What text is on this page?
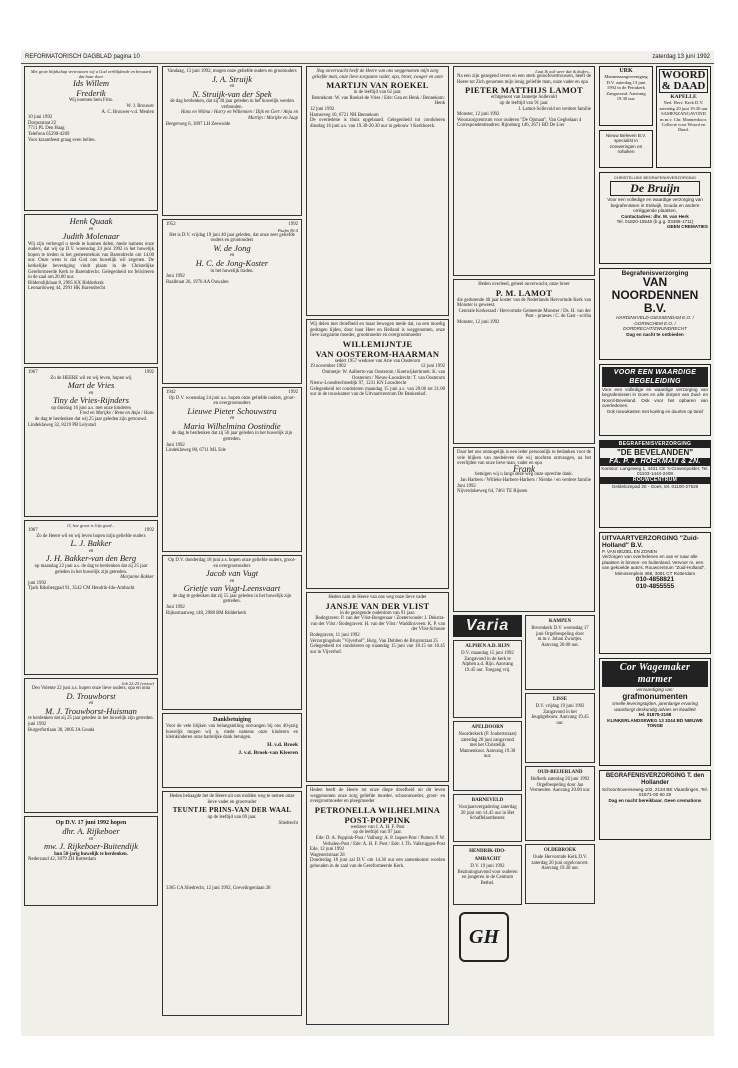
REFORMATORISCH DAGBLAD pagina 10	zaterdag 13 juni 1992
Met grote blijdschap vertrouwen wij u God verblijdende en bewaard dat haar door
Ids Willem
Frederik
Wij noemen hem Frits.
W. J. Brouwer
A. C. Brouwer-v.d. Meulen
10 juni 1992
Dorpsstraat 22
7711 PL Den Haag
Telefoon 05290-4209
Voor kraamfeest graag even bellen.
Henk Quaak
en
Judith Molenaar
Wij zijn verheugd u mede te kunnen delen, mede namens onze ouders, dat wij op D.V. woensdag 24 juni 1992 in het huwelijk hopen te treden in het gemeentehuis van Barendrecht om 14.00 uur. Onze wens is dat God ons huwelijk wil zegenen. De kerkelijke bevestiging vindt plaats in de Christelijke Gereformeerde Kerk te Barendrecht. Gelegenheid tot feliciteren in de zaal om 20.00 uur.
Bildersdijklaan 8, 2985 KX Ridderkerk
Leonardoweg 44, 2991 HK Barendrecht
1967	1992
Zo de HEERE wil en wij leven, hopen wij
Mart de Vries
en
Tiny de Vries-Rijnders
op dinsdag 16 juni a.s. met onze kinderen
Fred en Marijke / Rene en Anja / Hans
de dag te herdenken dat wij 25 jaar geleden zijn getrouwd.
Lindeklaweg 32, 8219 PB Lelystad
O, hoe groot is Gijs goed...
1967	1992
Zo de Heere wil en wij leven hopen mijn geliefde ouders
L. J. Bakker
en
J. H. Bakker-van den Berg
op maandag 22 juni a.s. de dag te herdenken dat zij 25 jaar geleden in het huwelijk zijn getreden.
Marjanne Bakker
juni 1992
Tjark Riksbergpad 91, 3542 CM Hendrik-Ido-Ambacht
Job 22:25 (vrouw)
Deo Volente 22 juni a.s. hopen onze lieve ouders, opa en oma
D. Trouwborst
en
M. J. Trouwborst-Huisman
te herdenken dat zij 25 jaar geleden in het huwelijk zijn getreden.
juni 1992
Burgerfortlaan 38, 2805 JA Gouda
Op D.V. 17 juni 1992 hopen
dhr. A. Rijkeboer
en
mw. J. Rijkeboer-Buitendijk
hun 50-jarig huwelijk te herdenken.
Nederzand 42, 3079 ZH Rotterdam
Vandaag, 13 juni 1992, mogen onze geliefde ouders en grootouders
J. A. Struijk
en
N. Struijk-van der Spek
de dag herdenken, dat zij 30 jaar geleden in het huwelijk werden verbonden.
Hans en Wilma / Harry en Willemien / Dijk en Gert / Anja en Martijn / Marijke en Jaap
Bergerweg 6, 3897 LH Zeewolde
1952	1992
Psalm 90:4
Het is D.V. vrijdag 19 juni 40 jaar geleden, dat onze zeer geliefde ouders en grootouders
W. de Jong
en
H. C. de Jong-Koster
in het huwelijk traden.
Juni 1992
Baalbraat 26, 1976 AA Ouwalen
1942	1992
Op D.V. woensdag 24 juni a.s. hopen onze geliefde ouders, groot- en overgrootouders
Lieuwe Pieter Schouwstra
en
Maria Wilhelmina Oostindie
de dag te herdenken dat zij 50 jaar geleden in het huwelijk zijn getreden.
Juni 1992
Lindeklaweg 80, 6711 ML Ede
Op D.V. donderdag 18 juni a.s. hopen onze geliefde ouders, groot- en overgrootouders
Jacob van Vugt
en
Grietje van Vugt-Leensvaart
de dag te gedenken dat zij 55 jaar geleden in het huwelijk zijn getreden.
Juni 1992
Rijksstraatweg 148, 2988 BM Ridderkerk
Dankbetuiging
Voor de vele blijken van belangstelling ontvangen bij ons 40-jarig huwelijk mogen wij u, mede namens onze kinderen en kleinkinderen onze hartelijke dank betuigen.
H. v.d. Broek
J. v.d. Broek-van Kleeren
Heden behaagde het de Heere uit ons midden weg te nemen onze lieve vader en grootvader
TEUNTJE PRINS-VAN DER WAAL
op de leeftijd van 69 jaar.
Sliedrecht
3365 CA Sliedrecht, 12 juni 1992, Grevelingenlaan 28
Nog onverwacht heeft de Heere van ons weggenomen mijn zorg geliefde man, onze lieve zorgzame vader, opa, broer, zwager en oom
MARTIJN VAN ROEKEL
in de leeftijd van 62 jaar.
Bennekom: W. van Roekel-de Vries / Ede: Gea en Henk / Bennekom: Henk
12 juni 1992
Harnseveg 10, 6721 NH Bennekom
De overledene is thuis opgebaard. Gelegenheid tot condoleren dinsdag 16 juni a.s. van 19.30-20.30 uur in gebouw 't Kerkhoeck.
Wij delen met droefheid en maar bewogen mede dat, na een moedig gedragen lijden, door haar Heer en Heiland is weggenomen, onze lieve zorgzame moeder, grootmoeder en overgrootmoeder
WILLEMIJNTJE
VAN OOSTEROM-HAARMAN
sedert 1957 weduwe van Arie van Oosterom
19 november 1902	12 juni 1992
Ommetje: W. Aalberts-van Oosterom / Koetwijkerbroek: K. van Oosterom / Nieuw-Loosdrecht: T. van Oosterom
Nieuw-Loosdrechtsedijk 97, 1231 KN Loosdrecht
Gelegenheid tot condoleren maandag 15 juni a.s. van 20.00 tot 21.00 uur in de rouwkamer van de Uitvaartcentrum De Beukenhof.
Heden nam de Heere van ons weg onze lieve vader
JANSJE VAN DER VLIST
in de gezegende ouderdom van 91 jaar.
Bodegraven: P. van der Vlist-Bongenaar / Zoeterwoude: J. Dekstra-van der Vlist / Bodegraven: H. van der Vlist / Waddinxveen: K. P. van der Vlist-Schoute
Bodegraven, 11 juni 1992
Verzorgingshuis "Vijverhof", Burg. Van Dobben de Bruynstraat 25
Gelegenheid tot condoleren op maandag 15 juni van 18.15 tot 10.45 uur in Vijverhof.
Heden heeft de Heere tot onze diepe droefheid uit dit leven weggenomen onze zorg geliefde moeder, schoonmoeder, groot- en overgrootmoeder en pleegmoeder
PETRONELLA WILHELMINA
POST-POPPINK
weduwe van J. A. H. F. Post
op de leeftijd van 97 jaar.
Ede: D. A. Poppink-Post / Valburg: A. P. Jaquet-Post / Putten: P. W. Verhalen-Post / Ede: A. H. F. Post / Ede: J. Th. Valkruggen-Post
Ede, 12 juni 1992
Wageneristraat 28
Donderdag 18 juni zal D.V. om 14.30 uur een samenkomst worden gehouden in de zaal van de Gereformeerde Kerk.
Laat Ik ook weer dat ik doden...
Na een zijn gezegend leven en een sterk geloofsvertrouwen, heeft de Heere tot Zich genomen mijn innig geliefde man, onze vader en opa
PIETER MATTHIJS LAMOT
echtgenoot van Jannetje Sollevold
op de leeftijd van 91 jaar.
J. Lamot-Sollevold en verdere familie
Monster, 12 juni 1992
Woonzorgcentrum voor ouderen "De Opmaat", Van Geghelaan 4
Correspondentieadres: Rijnsburg 146, 2671 BD De Lier
Heden overleed, geheel onverwacht, onze broer
P. M. LAMOT
die gedurende 40 jaar koster van de Nederlands Hervormde Kerk van Monster is geweest.
Centrale Kerkeraad / Hervormde Gemeente Monster / Ds. H. van der Post - praeses / C. de Gast - scriba
Monster, 12 juni 1992
Daar het ons onmogelijk is een ieder persoonlijk te bedanken voor de vele blijken van medeleven die wij mochten ontvangen, na het overlijden van onze lieve man, vader en opa
Frank
betuigen wij u langs deze weg onze oprechte dank.
Jan Harbers / Willeke Harbers-Harbers / Nienke / en verdere familie
Juni 1992
Nijverdalseweg 64, 7461 TE Rijssen
Varia
ALPHEN A.D. RIJN
D.V. maandag 15 juni 1992 Zangavond in de kerk te Alphen a.d. Rijn. Aanvang 19.45 uur. Toegang vrij.
APELDOORN
Noorderkerk (P. Joubertstraat) zaterdag 20 juni zangavond met het Christelijk Mannenkoor. Aanvang 19.30 uur.
BARNEVELD
Voorjaarsvergadering zaterdag 20 juni om 14.45 uur in Het Schaffelaartheater.
HENDRIK-IDO-AMBACHT
D.V. 19 juni 1992 Bezinningsavond voor ouderen en jongeren in de Centrum Bethel.
KAMPEN
Bovenkerk D.V. woensdag 17 juni Orgelbespeling door m.m.v. Johan Zwartjes. Aanvang 20.00 uur.
LISSE
D.V. vrijdag 19 juni 1992 Zangavond in het Jeugdgebouw. Aanvang 19.45 uur.
OUD-BEIJERLAND
Hofkerk zaterdag 20 juni 1992 Orgelbespeling door Jan Vermeulen. Aanvang 20.00 uur.
OLDEBROEK
Oude Hervormde Kerk D.V. zaterdag 20 juni orgelconcert. Aanvang 19.30 uur.
GH
URK
Mannenzangvereniging D.V. zaterdag 13 juni 1992 in de Petrakerk Zangavond. Aanvang 19.30 uur.
Nieuw Beleven B.V. specialist in zonweringen en rolluiken
WOORD & DAAD
KAPELLE
Ned. Herv. Kerk D.V. zaterdag 20 juni 19.30 uur SAMENZANGAVOND m.m.v. Chr. Mannenkoor. Collecte voor Woord en Daad.
CHRISTELIJKE BEGRAFENISVERZORGING
De Bruijn
Voor een volledige en waardige verzorging van begrafenissen in Stolwijk, Gouda en andere omliggende plaatsen.
Contactadres: dhr. M. van Herk
Tel. 01820-15549 (b.g.g. 03486-1711)
GEEN CREMATIES
Begrafenisverzorging
VAN NOORDENNEN B.V.
HARDINXVELD-GIESSENDAM E.O. / GORINCHEM E.O. / DORDRECHT/ZWIJNDRECHT
Dag en nacht te ontbieden
VOOR EEN WAARDIGE BEGELEIDING
Voor een volledige en waardige verzorging van begrafenissen in Goes en alle dorpen van Zuid- en Noord-Beveland. Ook voor het opbaren van overledenen.
Ook nieuwkasten met koeling en duurtes op tarief
BEGRAFENISVERZORGING
"DE BEVELANDEN"
FA. P. J. HOEKMAN & ZN.
Kantoor: Langeweg 1, 4431 CE 's-Gravenpolder, Tel. 01103-1444-2408
ROUWCENTRUM
Geldelozepad 20 - Goes, tel. 01100-27526
UITVAARTVERZORGING "Zuid-Holland" B.V.
P. VAN BEZIEL EN ZONEN
Verzorgen van overledenen en van er naar alle plaatsen in binnen- en buitenland. Vervoer m. een van gekoelde auto's. Rouwcentrum "Zuid-Holland".
Mimosenplein 468, 3081 CT Rotterdam
010-4858821
010-4855555
Cor Wagemaker marmer
vervaardiging van:
grafmonumenten
smelle leveringstijden, jarenlange ervaring waarborgt deskundig advies en kwaliteit
tel. 01875-2198
KLINKERLANDSEWEG 13 3244 BD NIEUWE TONGE
BEGRAFENISVERZORGING T. den Hollander
Schoonhovenseweg 102, 2134 BE Vlaardingen, Tel. 01871-00 60 28
Dag en nacht bereikbaar. Geen cremations
